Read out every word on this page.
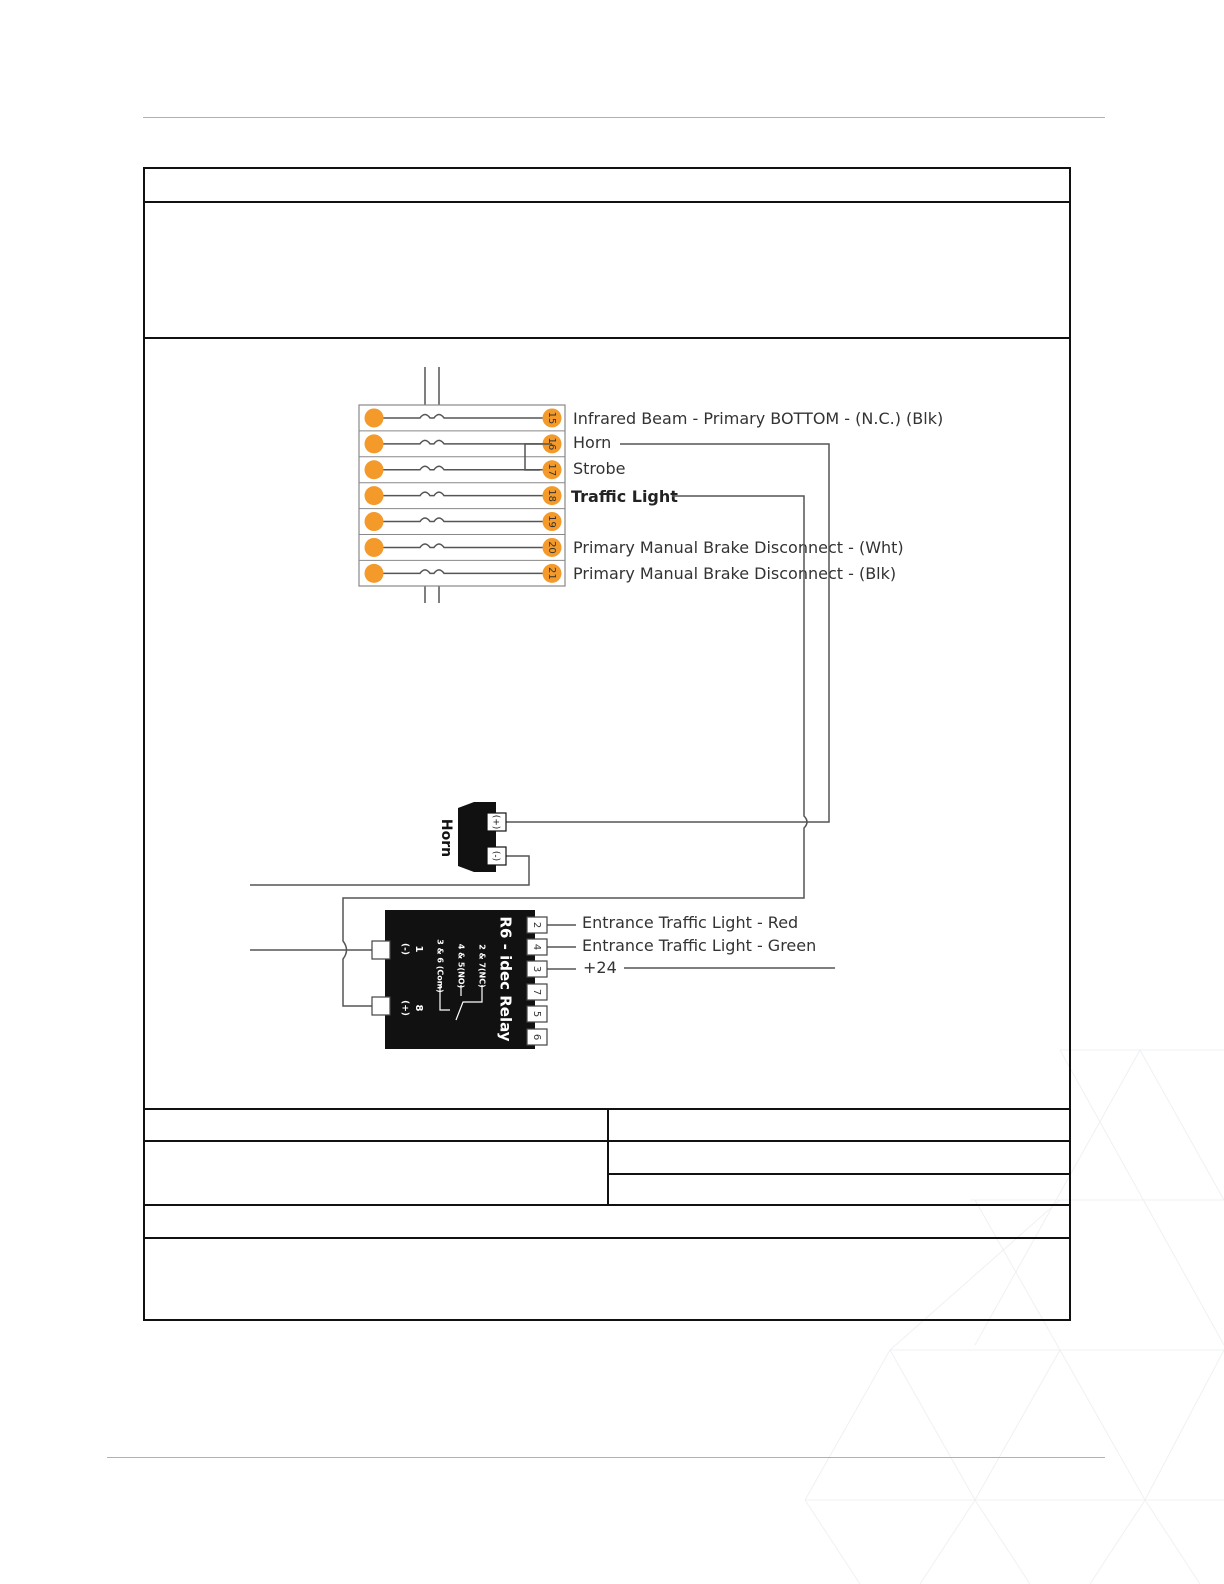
15
16
17
18
19
20
21
Infrared Beam - Primary BOTTOM - (N.C.) (Blk)
Horn
Strobe
Traffic Light
Primary Manual Brake Disconnect - (Wht)
Primary Manual Brake Disconnect - (Blk)
(+)
(-)
Horn
R6 - idec Relay
2 & 7(NC)
4 & 5(NO)
3 & 6 (Com)
1
(-)
8
(+)
2
4
3
7
5
6
Entrance Traffic Light - Red
Entrance Traffic Light - Green
+24
